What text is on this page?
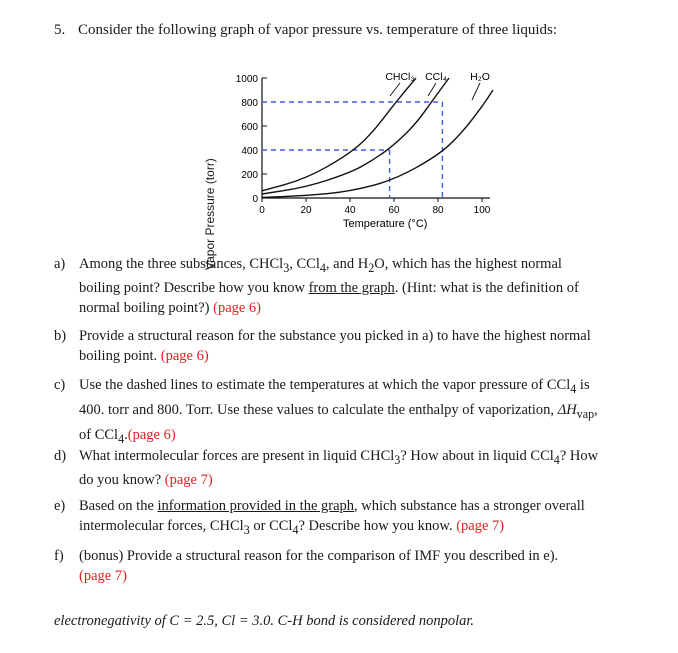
5. Consider the following graph of vapor pressure vs. temperature of three liquids:
Vapor Pressure (torr)	0
200
400
600
800
1000
0	20	40	60	80	100
Temperature (°C)
CHCl₃ CCl₄ H₂O
a) Among the three substances, CHCl$_3$, CCl$_4$, and $H_2O$, which has the highest normal
boiling point? Describe how you know from the graph. (Hint: what is the definition of
normal boiling point?) (page 6)
b) Provide a structural reason for the substance you picked in a) to have the highest normal
boiling point. (page 6)
c) Use the dashed lines to estimate the temperatures at which the vapor pressure of CCl$_4$ is
400. torr and 800. Torr. Use these values to calculate the enthalpy of vaporization, $\Delta H_{vap}$,
of CCl$_4$.(page 6)
d) What intermolecular forces are present in liquid CHCl$_3$? How about in liquid CCl$_4$? How
do you know? (page 7)
e) Based on the information provided in the graph, which substance has a stronger overall
intermolecular forces, CHCl$_3$ or CCl$_4$? Describe how you know. (page 7)
f) (bonus) Provide a structural reason for the comparison of IMF you described in e).
(page 7)
electronegativity of C = 2.5, Cl = 3.0. C-H bond is considered nonpolar.
